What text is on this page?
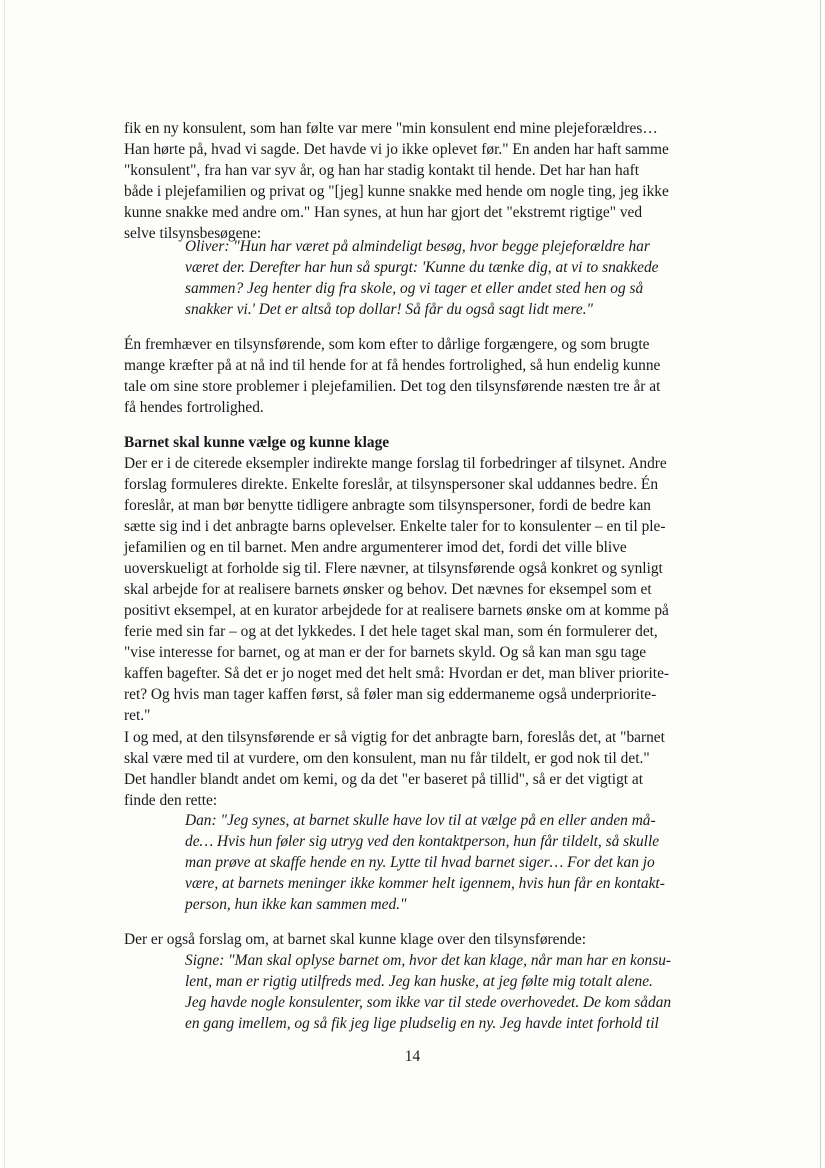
fik en ny konsulent, som han følte var mere "min konsulent end mine plejeforældres…
Han hørte på, hvad vi sagde. Det havde vi jo ikke oplevet før." En anden har haft samme
"konsulent", fra han var syv år, og han har stadig kontakt til hende. Det har han haft
både i plejefamilien og privat og "[jeg] kunne snakke med hende om nogle ting, jeg ikke
kunne snakke med andre om." Han synes, at hun har gjort det "ekstremt rigtige" ved
selve tilsynsbesøgene:
Oliver: "Hun har været på almindeligt besøg, hvor begge plejeforældre har
været der. Derefter har hun så spurgt: 'Kunne du tænke dig, at vi to snakkede
sammen? Jeg henter dig fra skole, og vi tager et eller andet sted hen og så
snakker vi.' Det er altså top dollar! Så får du også sagt lidt mere."
Én fremhæver en tilsynsførende, som kom efter to dårlige forgængere, og som brugte
mange kræfter på at nå ind til hende for at få hendes fortrolighed, så hun endelig kunne
tale om sine store problemer i plejefamilien. Det tog den tilsynsførende næsten tre år at
få hendes fortrolighed.
Barnet skal kunne vælge og kunne klage
Der er i de citerede eksempler indirekte mange forslag til forbedringer af tilsynet. Andre
forslag formuleres direkte. Enkelte foreslår, at tilsynspersoner skal uddannes bedre. Én
foreslår, at man bør benytte tidligere anbragte som tilsynspersoner, fordi de bedre kan
sætte sig ind i det anbragte barns oplevelser. Enkelte taler for to konsulenter – en til ple-
jefamilien og en til barnet. Men andre argumenterer imod det, fordi det ville blive
uoverskueligt at forholde sig til. Flere nævner, at tilsynsførende også konkret og synligt
skal arbejde for at realisere barnets ønsker og behov. Det nævnes for eksempel som et
positivt eksempel, at en kurator arbejdede for at realisere barnets ønske om at komme på
ferie med sin far – og at det lykkedes. I det hele taget skal man, som én formulerer det,
"vise interesse for barnet, og at man er der for barnets skyld. Og så kan man sgu tage
kaffen bagefter. Så det er jo noget med det helt små: Hvordan er det, man bliver priorite-
ret? Og hvis man tager kaffen først, så føler man sig eddermaneme også underpriorite-
ret."
I og med, at den tilsynsførende er så vigtig for det anbragte barn, foreslås det, at "barnet
skal være med til at vurdere, om den konsulent, man nu får tildelt, er god nok til det."
Det handler blandt andet om kemi, og da det "er baseret på tillid", så er det vigtigt at
finde den rette:
Dan: "Jeg synes, at barnet skulle have lov til at vælge på en eller anden må-
de… Hvis hun føler sig utryg ved den kontaktperson, hun får tildelt, så skulle
man prøve at skaffe hende en ny. Lytte til hvad barnet siger… For det kan jo
være, at barnets meninger ikke kommer helt igennem, hvis hun får en kontakt-
person, hun ikke kan sammen med."
Der er også forslag om, at barnet skal kunne klage over den tilsynsførende:
Signe: "Man skal oplyse barnet om, hvor det kan klage, når man har en konsu-
lent, man er rigtig utilfreds med. Jeg kan huske, at jeg følte mig totalt alene.
Jeg havde nogle konsulenter, som ikke var til stede overhovedet. De kom sådan
en gang imellem, og så fik jeg lige pludselig en ny. Jeg havde intet forhold til
14
